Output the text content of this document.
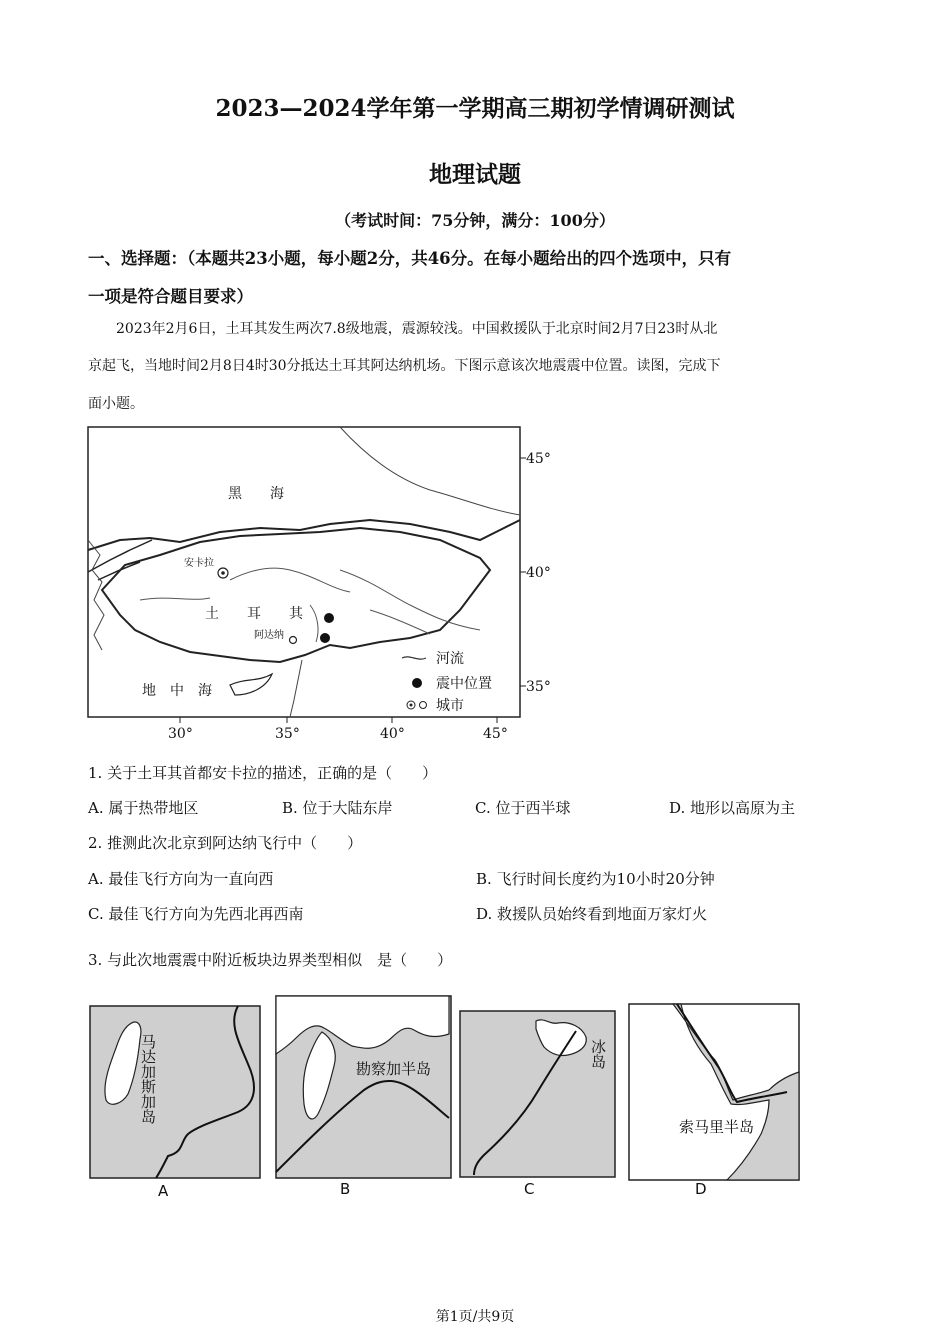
2023—2024学年第一学期高三期初学情调研测试
地理试题
（考试时间：75分钟，满分：100分）
一、选择题：（本题共23小题，每小题2分，共46分。在每小题给出的四个选项中，只有
一项是符合题目要求）
2023年2月6日，土耳其发生两次7.8级地震，震源较浅。中国救援队于北京时间2月7日23时从北
京起飞，当地时间2月8日4时30分抵达土耳其阿达纳机场。下图示意该次地震震中位置。读图，完成下
面小题。
黑　　海
地　中　海
土　　耳　　其
安卡拉
阿达纳
45°
40°
35°
30°	35°	40°	45°
河流
震中位置
城市
1. 关于土耳其首都安卡拉的描述，正确的是（　　）
A. 属于热带地区	B. 位于大陆东岸	C. 位于西半球	D. 地形以高原为主
2. 推测此次北京到阿达纳飞行中（　　）
A. 最佳飞行方向为一直向西	B. 飞行时间长度约为10小时20分钟
C. 最佳飞行方向为先西北再西南	D. 救援队员始终看到地面万家灯火
3. 与此次地震震中附近板块边界类型相似　是（　　）
马达加斯加岛
A
勘察加半岛
B
冰岛
C
索马里半岛
D
第1页/共9页
